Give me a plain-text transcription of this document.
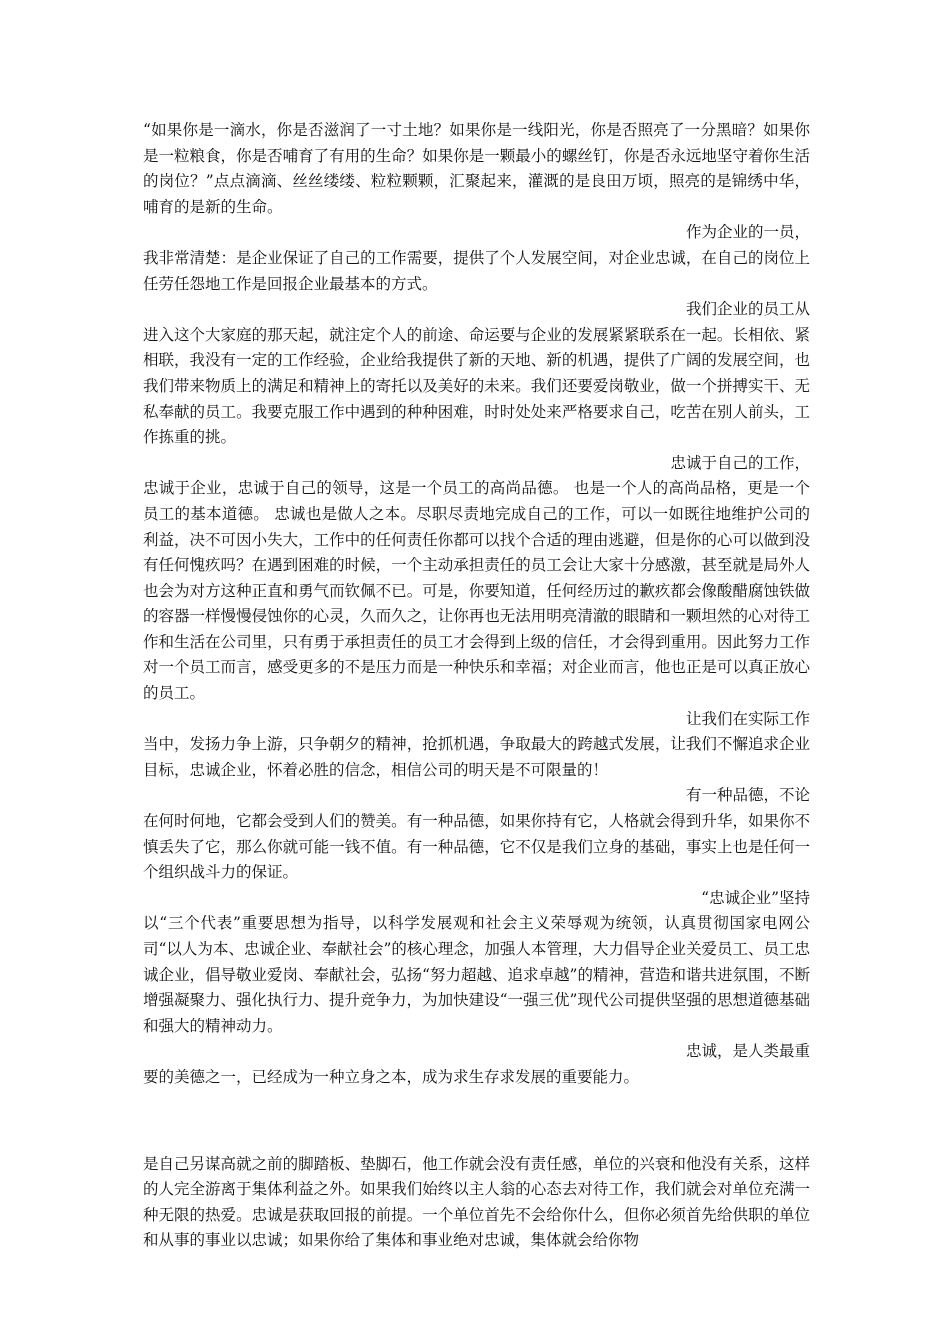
“如果你是一滴水，你是否滋润了一寸土地？如果你是一线阳光，你是否照亮了一分黑暗？如果你是一粒粮食，你是否哺育了有用的生命？如果你是一颗最小的螺丝钉，你是否永远地坚守着你生活的岗位？”点点滴滴、丝丝缕缕、粒粒颗颗，汇聚起来，灌溉的是良田万顷，照亮的是锦绣中华，哺育的是新的生命。

作为企业的一员，
我非常清楚：是企业保证了自己的工作需要，提供了个人发展空间，对企业忠诚，在自己的岗位上任劳任怨地工作是回报企业最基本的方式。

我们企业的员工从
进入这个大家庭的那天起，就注定个人的前途、命运要与企业的发展紧紧联系在一起。长相依、紧相联，我没有一定的工作经验，企业给我提供了新的天地、新的机遇，提供了广阔的发展空间，也我们带来物质上的满足和精神上的寄托以及美好的未来。我们还要爱岗敬业，做一个拼搏实干、无私奉献的员工。我要克服工作中遇到的种种困难，时时处处来严格要求自己，吃苦在别人前头，工作拣重的挑。

忠诚于自己的工作，
忠诚于企业，忠诚于自己的领导，这是一个员工的高尚品德。 也是一个人的高尚品格，更是一个员工的基本道德。 忠诚也是做人之本。尽职尽责地完成自己的工作，可以一如既往地维护公司的利益，决不可因小失大，工作中的任何责任你都可以找个合适的理由逃避，但是你的心可以做到没有任何愧疚吗？在遇到困难的时候，一个主动承担责任的员工会让大家十分感激，甚至就是局外人也会为对方这种正直和勇气而钦佩不已。可是，你要知道，任何经历过的歉疚都会像酸醋腐蚀铁做的容器一样慢慢侵蚀你的心灵，久而久之，让你再也无法用明亮清澈的眼睛和一颗坦然的心对待工作和生活在公司里，只有勇于承担责任的员工才会得到上级的信任，才会得到重用。因此努力工作对一个员工而言，感受更多的不是压力而是一种快乐和幸福；对企业而言，他也正是可以真正放心的员工。

让我们在实际工作
当中，发扬力争上游，只争朝夕的精神，抢抓机遇，争取最大的跨越式发展，让我们不懈追求企业目标，忠诚企业，怀着必胜的信念，相信公司的明天是不可限量的！

有一种品德，不论
在何时何地，它都会受到人们的赞美。有一种品德，如果你持有它，人格就会得到升华，如果你不慎丢失了它，那么你就可能一钱不值。有一种品德，它不仅是我们立身的基础，事实上也是任何一个组织战斗力的保证。

“忠诚企业”坚持
以“三个代表”重要思想为指导，以科学发展观和社会主义荣辱观为统领，认真贯彻国家电网公司“以人为本、忠诚企业、奉献社会”的核心理念，加强人本管理，大力倡导企业关爱员工、员工忠诚企业，倡导敬业爱岗、奉献社会，弘扬“努力超越、追求卓越”的精神，营造和谐共进氛围，不断增强凝聚力、强化执行力、提升竞争力，为加快建设“一强三优”现代公司提供坚强的思想道德基础和强大的精神动力。

忠诚，是人类最重
要的美德之一，已经成为一种立身之本，成为求生存求发展的重要能力。

是自己另谋高就之前的脚踏板、垫脚石，他工作就会没有责任感，单位的兴衰和他没有关系，这样的人完全游离于集体利益之外。如果我们始终以主人翁的心态去对待工作，我们就会对单位充满一种无限的热爱。忠诚是获取回报的前提。一个单位首先不会给你什么，但你必须首先给供职的单位和从事的事业以忠诚；如果你给了集体和事业绝对忠诚，集体就会给你物
